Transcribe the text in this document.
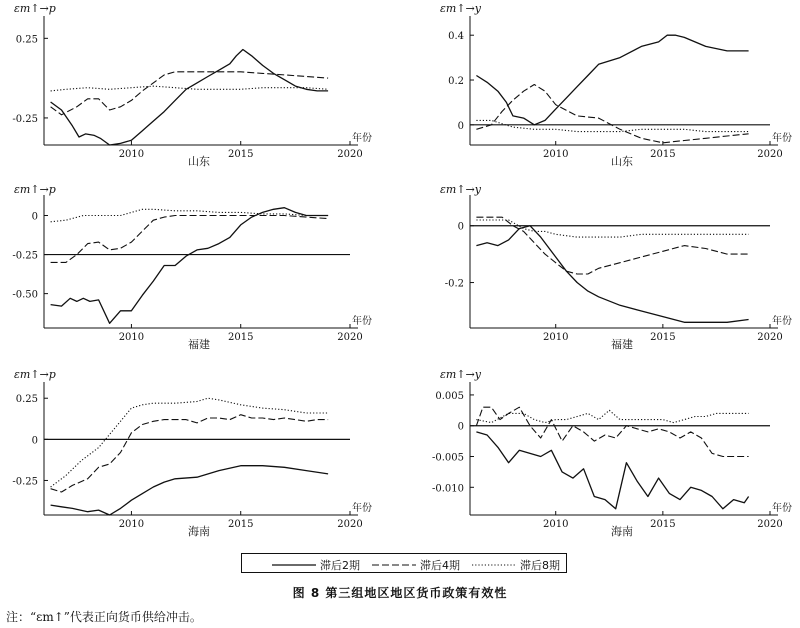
εm↑→p
年份
2010	2015	2020
0.25
-0.25
山东
εm↑→y
年份
2010	2015	2020
0.4
0.2
0
山东
εm↑→p
年份
2010	2015	2020
0
-0.25
-0.50
福建
εm↑→y
年份
2010	2015	2020
0
-0.2
福建
εm↑→p
年份
2010	2015	2020
0.25
0
-0.25
海南
εm↑→y
年份
2010	2015	2020
0.005
0
-0.005
-0.010
海南
滞后2期	滞后4期	滞后8期
图 8 第三组地区地区货币政策有效性
注：“εm↑”代表正向货币供给冲击。
